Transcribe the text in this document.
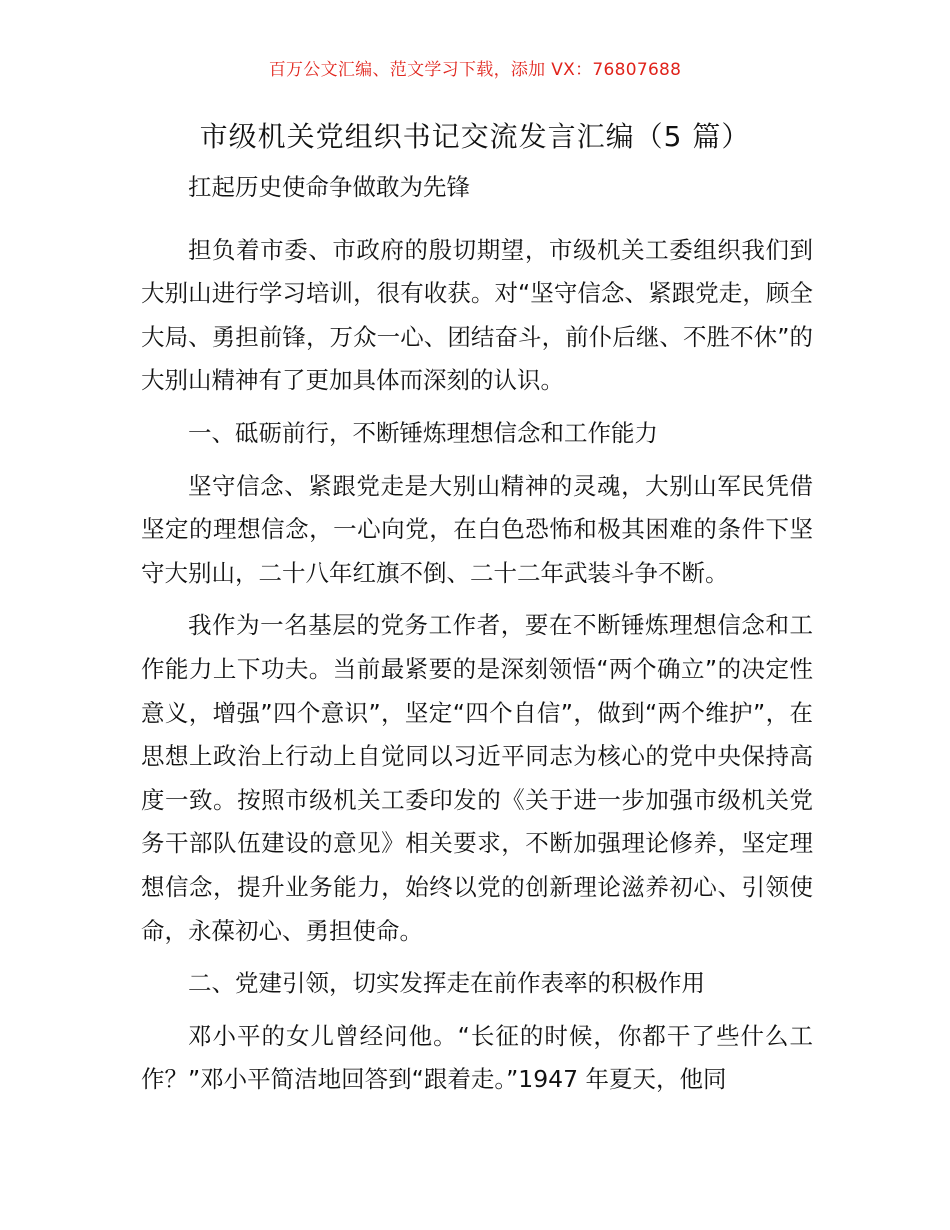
百万公文汇编、范文学习下载，添加 VX：76807688
市级机关党组织书记交流发言汇编（5 篇）

扛起历史使命争做敢为先锋

担负着市委、市政府的殷切期望，市级机关工委组织我们到大别山进行学习培训，很有收获。对“坚守信念、紧跟党走，顾全大局、勇担前锋，万众一心、团结奋斗，前仆后继、不胜不休”的大别山精神有了更加具体而深刻的认识。

一、砥砺前行，不断锤炼理想信念和工作能力

坚守信念、紧跟党走是大别山精神的灵魂，大别山军民凭借坚定的理想信念，一心向党，在白色恐怖和极其困难的条件下坚守大别山，二十八年红旗不倒、二十二年武装斗争不断。

我作为一名基层的党务工作者，要在不断锤炼理想信念和工作能力上下功夫。当前最紧要的是深刻领悟“两个确立”的决定性意义，增强”四个意识”，坚定“四个自信”，做到“两个维护”，在思想上政治上行动上自觉同以习近平同志为核心的党中央保持高度一致。按照市级机关工委印发的《关于进一步加强市级机关党务干部队伍建设的意见》相关要求，不断加强理论修养，坚定理想信念，提升业务能力，始终以党的创新理论滋养初心、引领使命，永葆初心、勇担使命。

二、党建引领，切实发挥走在前作表率的积极作用

邓小平的女儿曾经问他。“长征的时候，你都干了些什么工作？”邓小平简洁地回答到“跟着走。”1947 年夏天，他同
